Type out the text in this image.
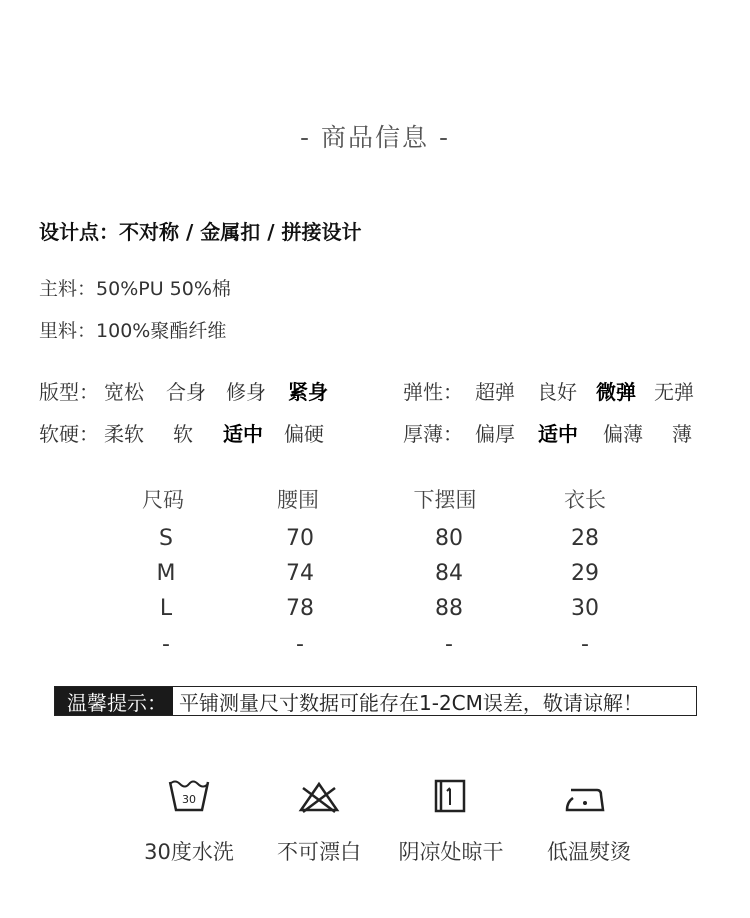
- 商品信息 -
设计点：不对称 / 金属扣 / 拼接设计
主料：50%PU 50%棉
里料：100%聚酯纤维
版型： 宽松 合身 修身 紧身	弹性： 超弹 良好 微弹 无弹
软硬： 柔软 软 适中 偏硬	厚薄： 偏厚 适中 偏薄 薄
尺码	腰围	下摆围	衣长
S	70	80	28
M	74	84	29
L	78	88	30
-	-	-	-
温馨提示： 平铺测量尺寸数据可能存在1-2CM误差，敬请谅解！
30
30度水洗	不可漂白	阴凉处晾干	低温熨烫
